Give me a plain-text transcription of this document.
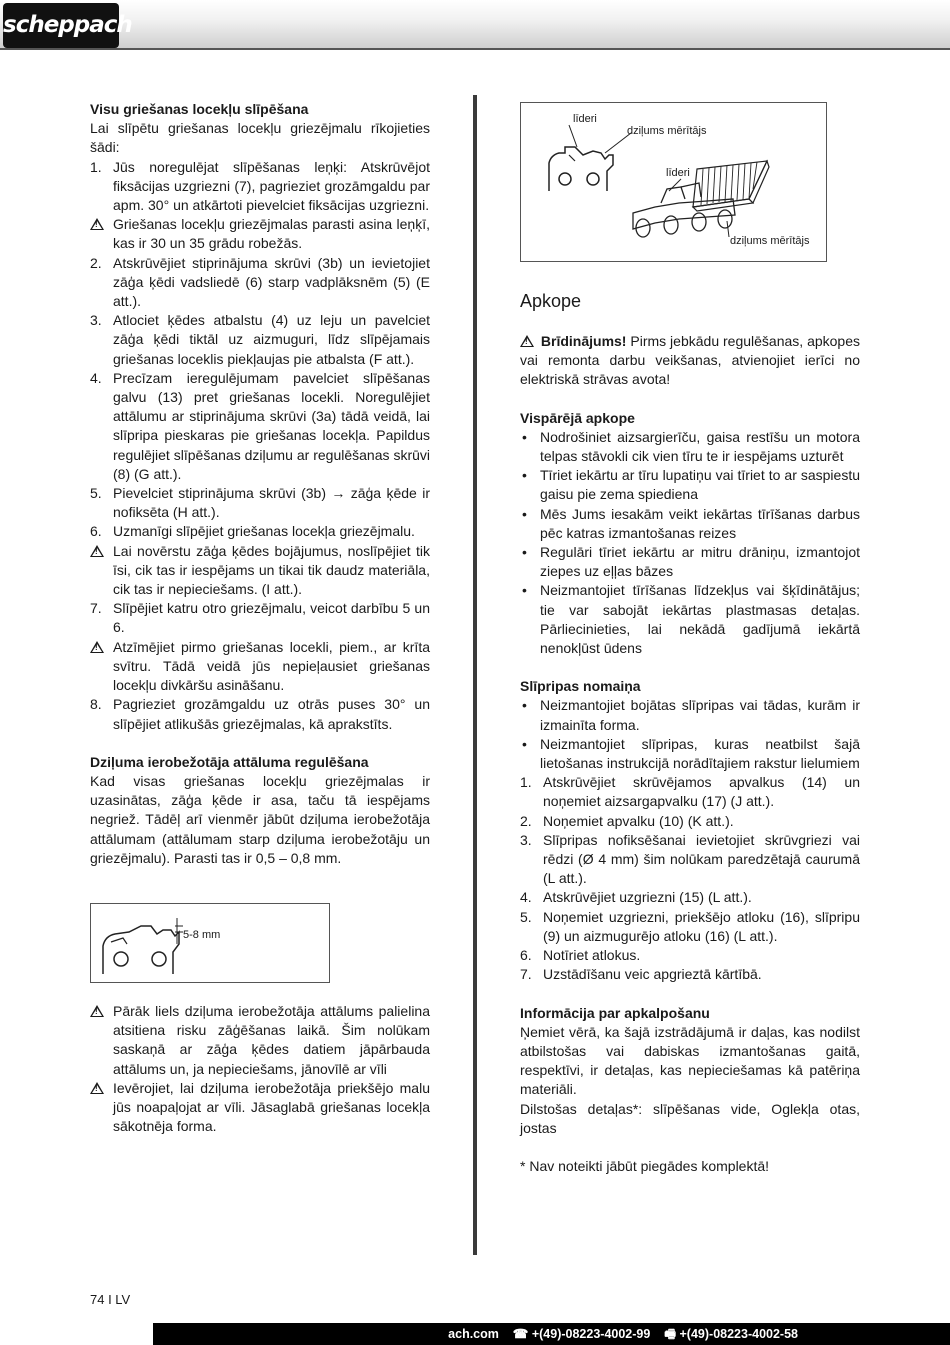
scheppach
Visu griešanas locekļu slīpēšana

Lai slīpētu griešanas locekļu griezējmalu rīkojieties šādi:

1. Jūs noregulējat slīpēšanas leņķi: Atskrūvējot fiksācijas uzgriezni (7), pagrieziet grozāmgaldu par apm. 30° un atkārtoti pievelciet fiksācijas uzgriezni.
!
Griešanas locekļu griezējmalas parasti asina leņķī, kas ir 30 un 35 grādu robežās.
2. Atskrūvējiet stiprinājuma skrūvi (3b) un ievietojiet zāģa ķēdi vadsliedē (6) starp vadplāksnēm (5) (E att.).
3. Atlociet ķēdes atbalstu (4) uz leju un pavelciet zāģa ķēdi tiktāl uz aizmuguri, līdz slīpējamais griešanas loceklis piekļaujas pie atbalsta (F att.).
4. Precīzam ieregulējumam pavelciet slīpēšanas galvu (13) pret griešanas locekli. Noregulējiet attālumu ar stiprinājuma skrūvi (3a) tādā veidā, lai slīpripa pieskaras pie griešanas locekļa. Papildus regulējiet slīpēšanas dziļumu ar regulēšanas skrūvi (8) (G att.).
5. Pievelciet stiprinājuma skrūvi (3b) → zāģa ķēde ir nofiksēta (H att.).
6. Uzmanīgi slīpējiet griešanas locekļa griezējmalu.
!
Lai novērstu zāģa ķēdes bojājumus, noslīpējiet tik īsi, cik tas ir iespējams un tikai tik daudz materiāla, cik tas ir nepieciešams. (I att.).
7. Slīpējiet katru otro griezējmalu, veicot darbību 5 un 6.
!
Atzīmējiet pirmo griešanas locekli, piem., ar krīta svītru. Tādā veidā jūs nepieļausiet griešanas locekļu divkāršu asināšanu.
8. Pagrieziet grozāmgaldu uz otrās puses 30° un slīpējiet atlikušās griezējmalas, kā aprakstīts.
Dziļuma ierobežotāja attāluma regulēšana

Kad visas griešanas locekļu griezējmalas ir uzasinātas, zāģa ķēde ir asa, taču tā iespējams negriež. Tādēļ arī vienmēr jābūt dziļuma ierobežotāja attālumam (attālumam starp dziļuma ierobežotāju un griezējmalu). Parasti tas ir 0,5 – 0,8 mm.

5-8 mm
!
Pārāk liels dziļuma ierobežotāja attālums palielina atsitiena risku zāģēšanas laikā. Šim nolūkam saskaņā ar zāģa ķēdes datiem jāpārbauda attālums un, ja nepieciešams, jānovīlē ar vīli
!
Ievērojiet, lai dziļuma ierobežotāja priekšējo malu jūs noapaļojat ar vīli. Jāsaglabā griešanas locekļa sākotnēja forma.
līderi
dziļums mērītājs
līderi
dziļums mērītājs
Apkope

! Brīdinājums! Pirms jebkādu regulēšanas, apkopes vai remonta darbu veikšanas, atvienojiet ierīci no elektriskā strāvas avota!

Vispārējā apkope
• Nodrošiniet aizsargierīču, gaisa restīšu un motora telpas stāvokli cik vien tīru te ir iespējams uzturēt
• Tīriet iekārtu ar tīru lupatiņu vai tīriet to ar saspiestu gaisu pie zema spiediena
• Mēs Jums iesakām veikt iekārtas tīrīšanas darbus pēc katras izmantošanas reizes
• Regulāri tīriet iekārtu ar mitru drāniņu, izmantojot ziepes uz eļļas bāzes
• Neizmantojiet tīrīšanas līdzekļus vai šķīdinātājus; tie var sabojāt iekārtas plastmasas detaļas. Pārliecinieties, lai nekādā gadījumā iekārtā nenokļūst ūdens
Slīpripas nomaiņa
• Neizmantojiet bojātas slīpripas vai tādas, kurām ir izmainīta forma.
• Neizmantojiet slīpripas, kuras neatbilst šajā lietošanas instrukcijā norādītajiem rakstur lielumiem
1. Atskrūvējiet skrūvējamos apvalkus (14) un noņemiet aizsargapvalku (17) (J att.).
2. Noņemiet apvalku (10) (K att.).
3. Slīpripas nofiksēšanai ievietojiet skrūvgriezi vai rēdzi (Ø 4 mm) šim nolūkam paredzētajā caurumā (L att.).
4. Atskrūvējiet uzgriezni (15) (L att.).
5. Noņemiet uzgriezni, priekšējo atloku (16), slīpripu (9) un aizmugurējo atloku (16) (L att.).
6. Notīriet atlokus.
7. Uzstādīšanu veic apgrieztā kārtībā.
Informācija par apkalpošanu

Ņemiet vērā, ka šajā izstrādājumā ir daļas, kas nodilst atbilstošas vai dabiskas izmantošanas gaitā, respektīvi, ir detaļas, kas nepieciešamas kā patēriņa materiāli.

Dilstošas detaļas*: slīpēšanas vide, Oglekļa otas, jostas

* Nav noteikti jābūt piegādes komplektā!

74 I LV
ach.com ☎ +(49)-08223-4002-99 🖷 +(49)-08223-4002-58
